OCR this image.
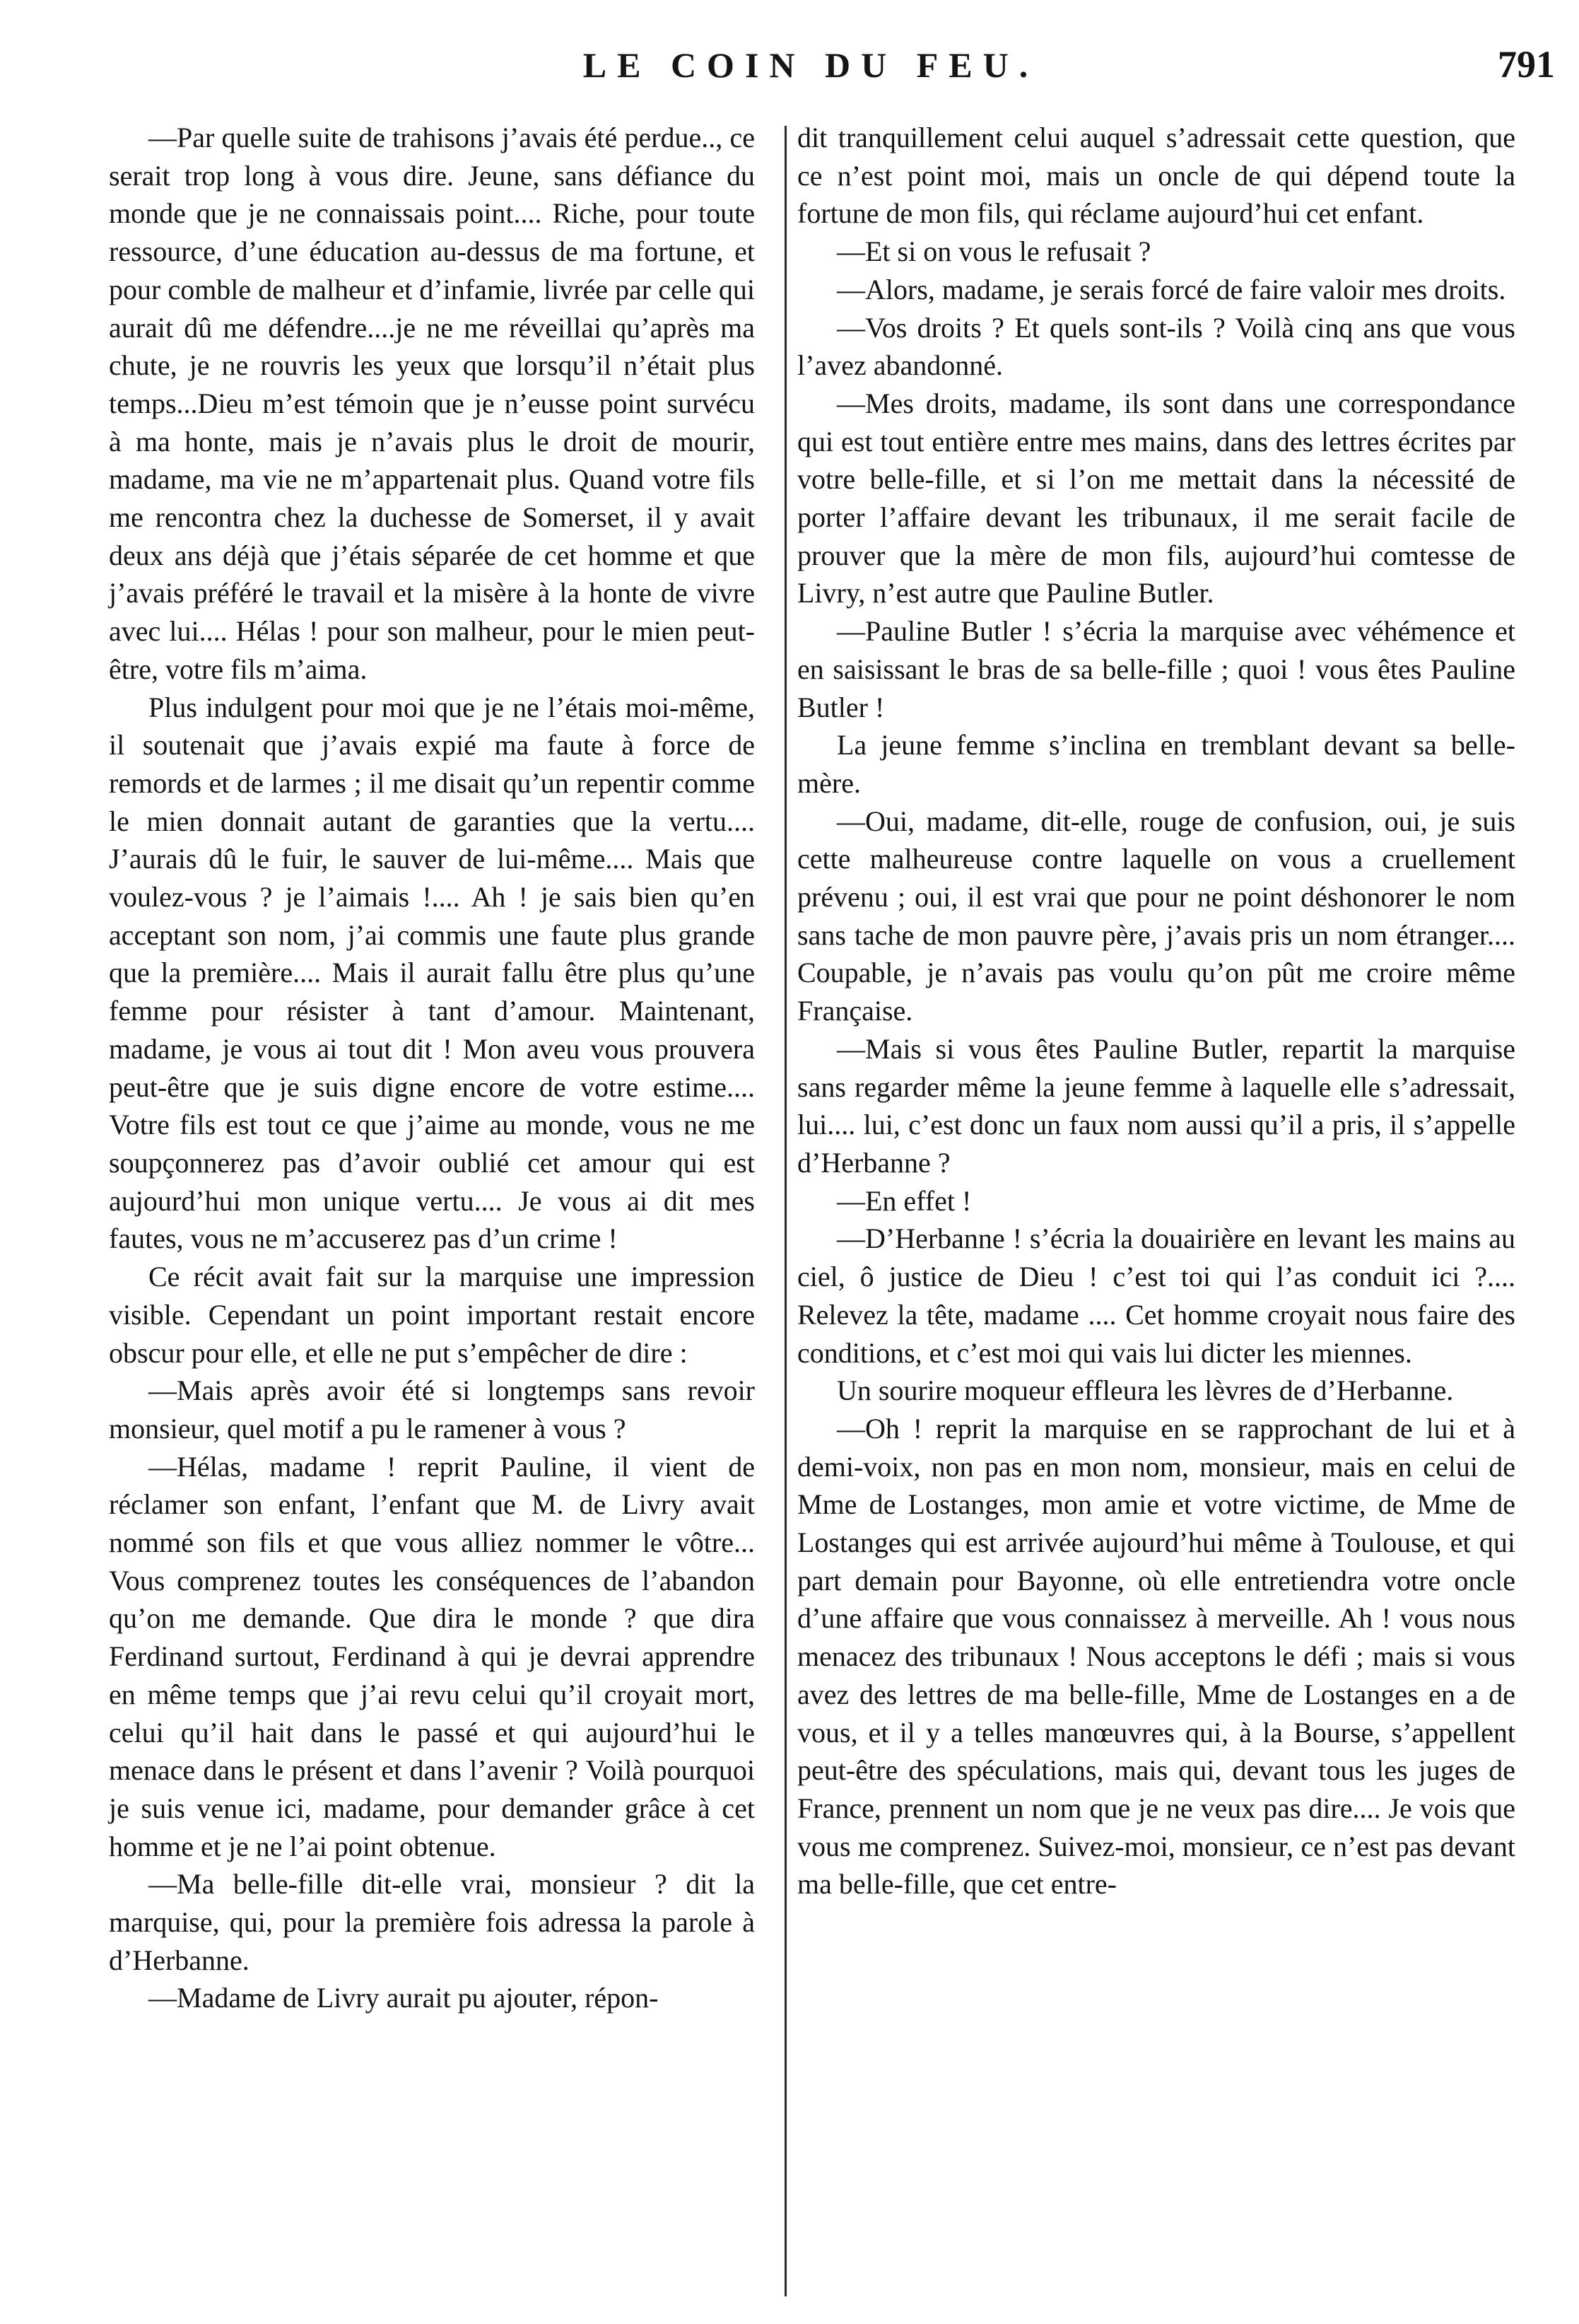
LE COIN DU FEU.	791

—Par quelle suite de trahisons j’avais été perdue.., ce serait trop long à vous dire. Jeune, sans défiance du monde que je ne connaissais point.... Riche, pour toute ressource, d’une éducation au-dessus de ma fortune, et pour comble de malheur et d’infamie, livrée par celle qui aurait dû me défendre....je ne me réveillai qu’après ma chute, je ne rouvris les yeux que lorsqu’il n’était plus temps...Dieu m’est témoin que je n’eusse point survécu à ma honte, mais je n’avais plus le droit de mourir, madame, ma vie ne m’appartenait plus. Quand votre fils me rencontra chez la duchesse de Somerset, il y avait deux ans déjà que j’étais séparée de cet homme et que j’avais préféré le travail et la misère à la honte de vivre avec lui.... Hélas ! pour son malheur, pour le mien peut-être, votre fils m’aima.

Plus indulgent pour moi que je ne l’étais moi-même, il soutenait que j’avais expié ma faute à force de remords et de larmes ; il me disait qu’un repentir comme le mien donnait autant de garanties que la vertu.... J’aurais dû le fuir, le sauver de lui-même.... Mais que voulez-vous ? je l’aimais !.... Ah ! je sais bien qu’en acceptant son nom, j’ai commis une faute plus grande que la première.... Mais il aurait fallu être plus qu’une femme pour résister à tant d’amour. Maintenant, madame, je vous ai tout dit ! Mon aveu vous prouvera peut-être que je suis digne encore de votre estime.... Votre fils est tout ce que j’aime au monde, vous ne me soupçonnerez pas d’avoir oublié cet amour qui est aujourd’hui mon unique vertu.... Je vous ai dit mes fautes, vous ne m’accuserez pas d’un crime !

Ce récit avait fait sur la marquise une impression visible. Cependant un point important restait encore obscur pour elle, et elle ne put s’empêcher de dire :

—Mais après avoir été si longtemps sans revoir monsieur, quel motif a pu le ramener à vous ?

—Hélas, madame ! reprit Pauline, il vient de réclamer son enfant, l’enfant que M. de Livry avait nommé son fils et que vous alliez nommer le vôtre... Vous comprenez toutes les conséquences de l’abandon qu’on me demande. Que dira le monde ? que dira Ferdinand surtout, Ferdinand à qui je devrai apprendre en même temps que j’ai revu celui qu’il croyait mort, celui qu’il hait dans le passé et qui aujourd’hui le menace dans le présent et dans l’avenir ? Voilà pourquoi je suis venue ici, madame, pour demander grâce à cet homme et je ne l’ai point obtenue.

—Ma belle-fille dit-elle vrai, monsieur ? dit la marquise, qui, pour la première fois adressa la parole à d’Herbanne.

—Madame de Livry aurait pu ajouter, répon-

dit tranquillement celui auquel s’adressait cette question, que ce n’est point moi, mais un oncle de qui dépend toute la fortune de mon fils, qui réclame aujourd’hui cet enfant.

—Et si on vous le refusait ?

—Alors, madame, je serais forcé de faire valoir mes droits.

—Vos droits ? Et quels sont-ils ? Voilà cinq ans que vous l’avez abandonné.

—Mes droits, madame, ils sont dans une correspondance qui est tout entière entre mes mains, dans des lettres écrites par votre belle-fille, et si l’on me mettait dans la nécessité de porter l’affaire devant les tribunaux, il me serait facile de prouver que la mère de mon fils, aujourd’hui comtesse de Livry, n’est autre que Pauline Butler.

—Pauline Butler ! s’écria la marquise avec véhémence et en saisissant le bras de sa belle-fille ; quoi ! vous êtes Pauline Butler !

La jeune femme s’inclina en tremblant devant sa belle-mère.

—Oui, madame, dit-elle, rouge de confusion, oui, je suis cette malheureuse contre laquelle on vous a cruellement prévenu ; oui, il est vrai que pour ne point déshonorer le nom sans tache de mon pauvre père, j’avais pris un nom étranger.... Coupable, je n’avais pas voulu qu’on pût me croire même Française.

—Mais si vous êtes Pauline Butler, repartit la marquise sans regarder même la jeune femme à laquelle elle s’adressait, lui.... lui, c’est donc un faux nom aussi qu’il a pris, il s’appelle d’Herbanne ?

—En effet !

—D’Herbanne ! s’écria la douairière en levant les mains au ciel, ô justice de Dieu ! c’est toi qui l’as conduit ici ?.... Relevez la tête, madame .... Cet homme croyait nous faire des conditions, et c’est moi qui vais lui dicter les miennes.

Un sourire moqueur effleura les lèvres de d’Herbanne.

—Oh ! reprit la marquise en se rapprochant de lui et à demi-voix, non pas en mon nom, monsieur, mais en celui de Mme de Lostanges, mon amie et votre victime, de Mme de Lostanges qui est arrivée aujourd’hui même à Toulouse, et qui part demain pour Bayonne, où elle entretiendra votre oncle d’une affaire que vous connaissez à merveille. Ah ! vous nous menacez des tribunaux ! Nous acceptons le défi ; mais si vous avez des lettres de ma belle-fille, Mme de Lostanges en a de vous, et il y a telles manœuvres qui, à la Bourse, s’appellent peut-être des spéculations, mais qui, devant tous les juges de France, prennent un nom que je ne veux pas dire.... Je vois que vous me comprenez. Suivez-moi, monsieur, ce n’est pas devant ma belle-fille, que cet entre-
